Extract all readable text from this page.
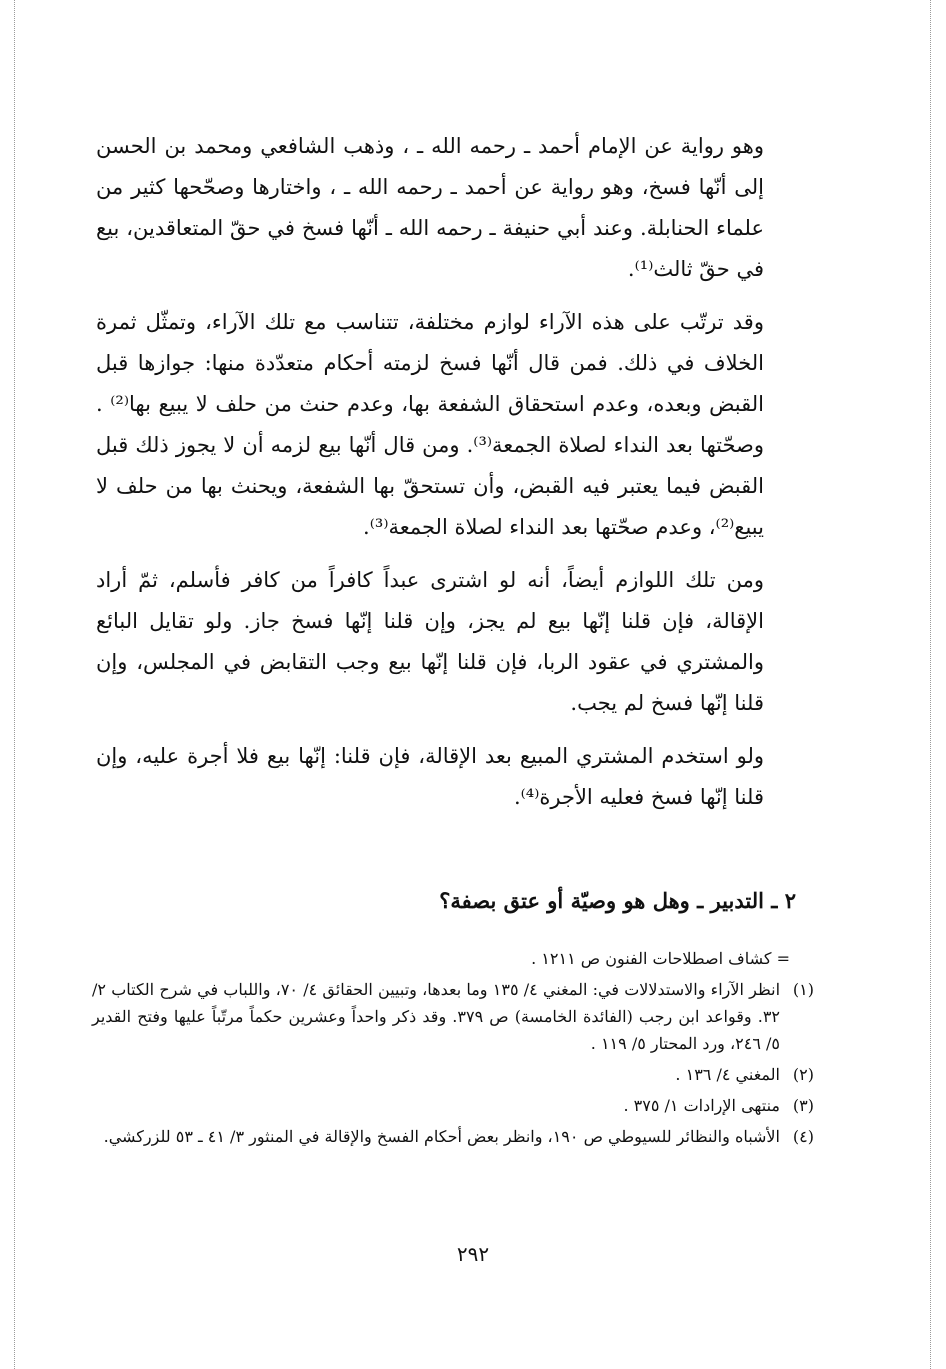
وهو رواية عن الإمام أحمد ـ رحمه الله ـ ، وذهب الشافعي ومحمد بن الحسن إلى أنّها فسخ، وهو رواية عن أحمد ـ رحمه الله ـ ، واختارها وصحّحها كثير من علماء الحنابلة. وعند أبي حنيفة ـ رحمه الله ـ أنّها فسخ في حقّ المتعاقدين، بيع في حقّ ثالث⁽¹⁾.

وقد ترتّب على هذه الآراء لوازم مختلفة، تتناسب مع تلك الآراء، وتمثّل ثمرة الخلاف في ذلك. فمن قال أنّها فسخ لزمته أحكام متعدّدة منها: جوازها قبل القبض وبعده، وعدم استحقاق الشفعة بها، وعدم حنث من حلف لا يبيع بها⁽²⁾ . وصحّتها بعد النداء لصلاة الجمعة⁽³⁾. ومن قال أنّها بيع لزمه أن لا يجوز ذلك قبل القبض فيما يعتبر فيه القبض، وأن تستحقّ بها الشفعة، ويحنث بها من حلف لا يبيع⁽²⁾، وعدم صحّتها بعد النداء لصلاة الجمعة⁽³⁾.

ومن تلك اللوازم أيضاً، أنه لو اشترى عبداً كافراً من كافر فأسلم، ثمّ أراد الإقالة، فإن قلنا إنّها بيع لم يجز، وإن قلنا إنّها فسخ جاز. ولو تقايل البائع والمشتري في عقود الربا، فإن قلنا إنّها بيع وجب التقابض في المجلس، وإن قلنا إنّها فسخ لم يجب.

ولو استخدم المشتري المبيع بعد الإقالة، فإن قلنا: إنّها بيع فلا أجرة عليه، وإن قلنا إنّها فسخ فعليه الأجرة⁽⁴⁾.

٢ ـ التدبير ـ وهل هو وصيّة أو عتق بصفة؟
= كشاف اصطلاحات الفنون ص ١٢١١ .
(١)
انظر الآراء والاستدلالات في: المغني ٤/ ١٣٥ وما بعدها، وتبيين الحقائق ٤/ ٧٠، واللباب في شرح الكتاب ٢/ ٣٢. وقواعد ابن رجب (الفائدة الخامسة) ص ٣٧٩. وقد ذكر واحداً وعشرين حكماً مرتّباً عليها وفتح القدير ٥/ ٢٤٦، ورد المحتار ٥/ ١١٩ .
(٢)
المغني ٤/ ١٣٦ .
(٣)
منتهى الإرادات ١/ ٣٧٥ .
(٤)
الأشباه والنظائر للسيوطي ص ١٩٠، وانظر بعض أحكام الفسخ والإقالة في المنثور ٣/ ٤١ ـ ٥٣ للزركشي.
٢٩٢
